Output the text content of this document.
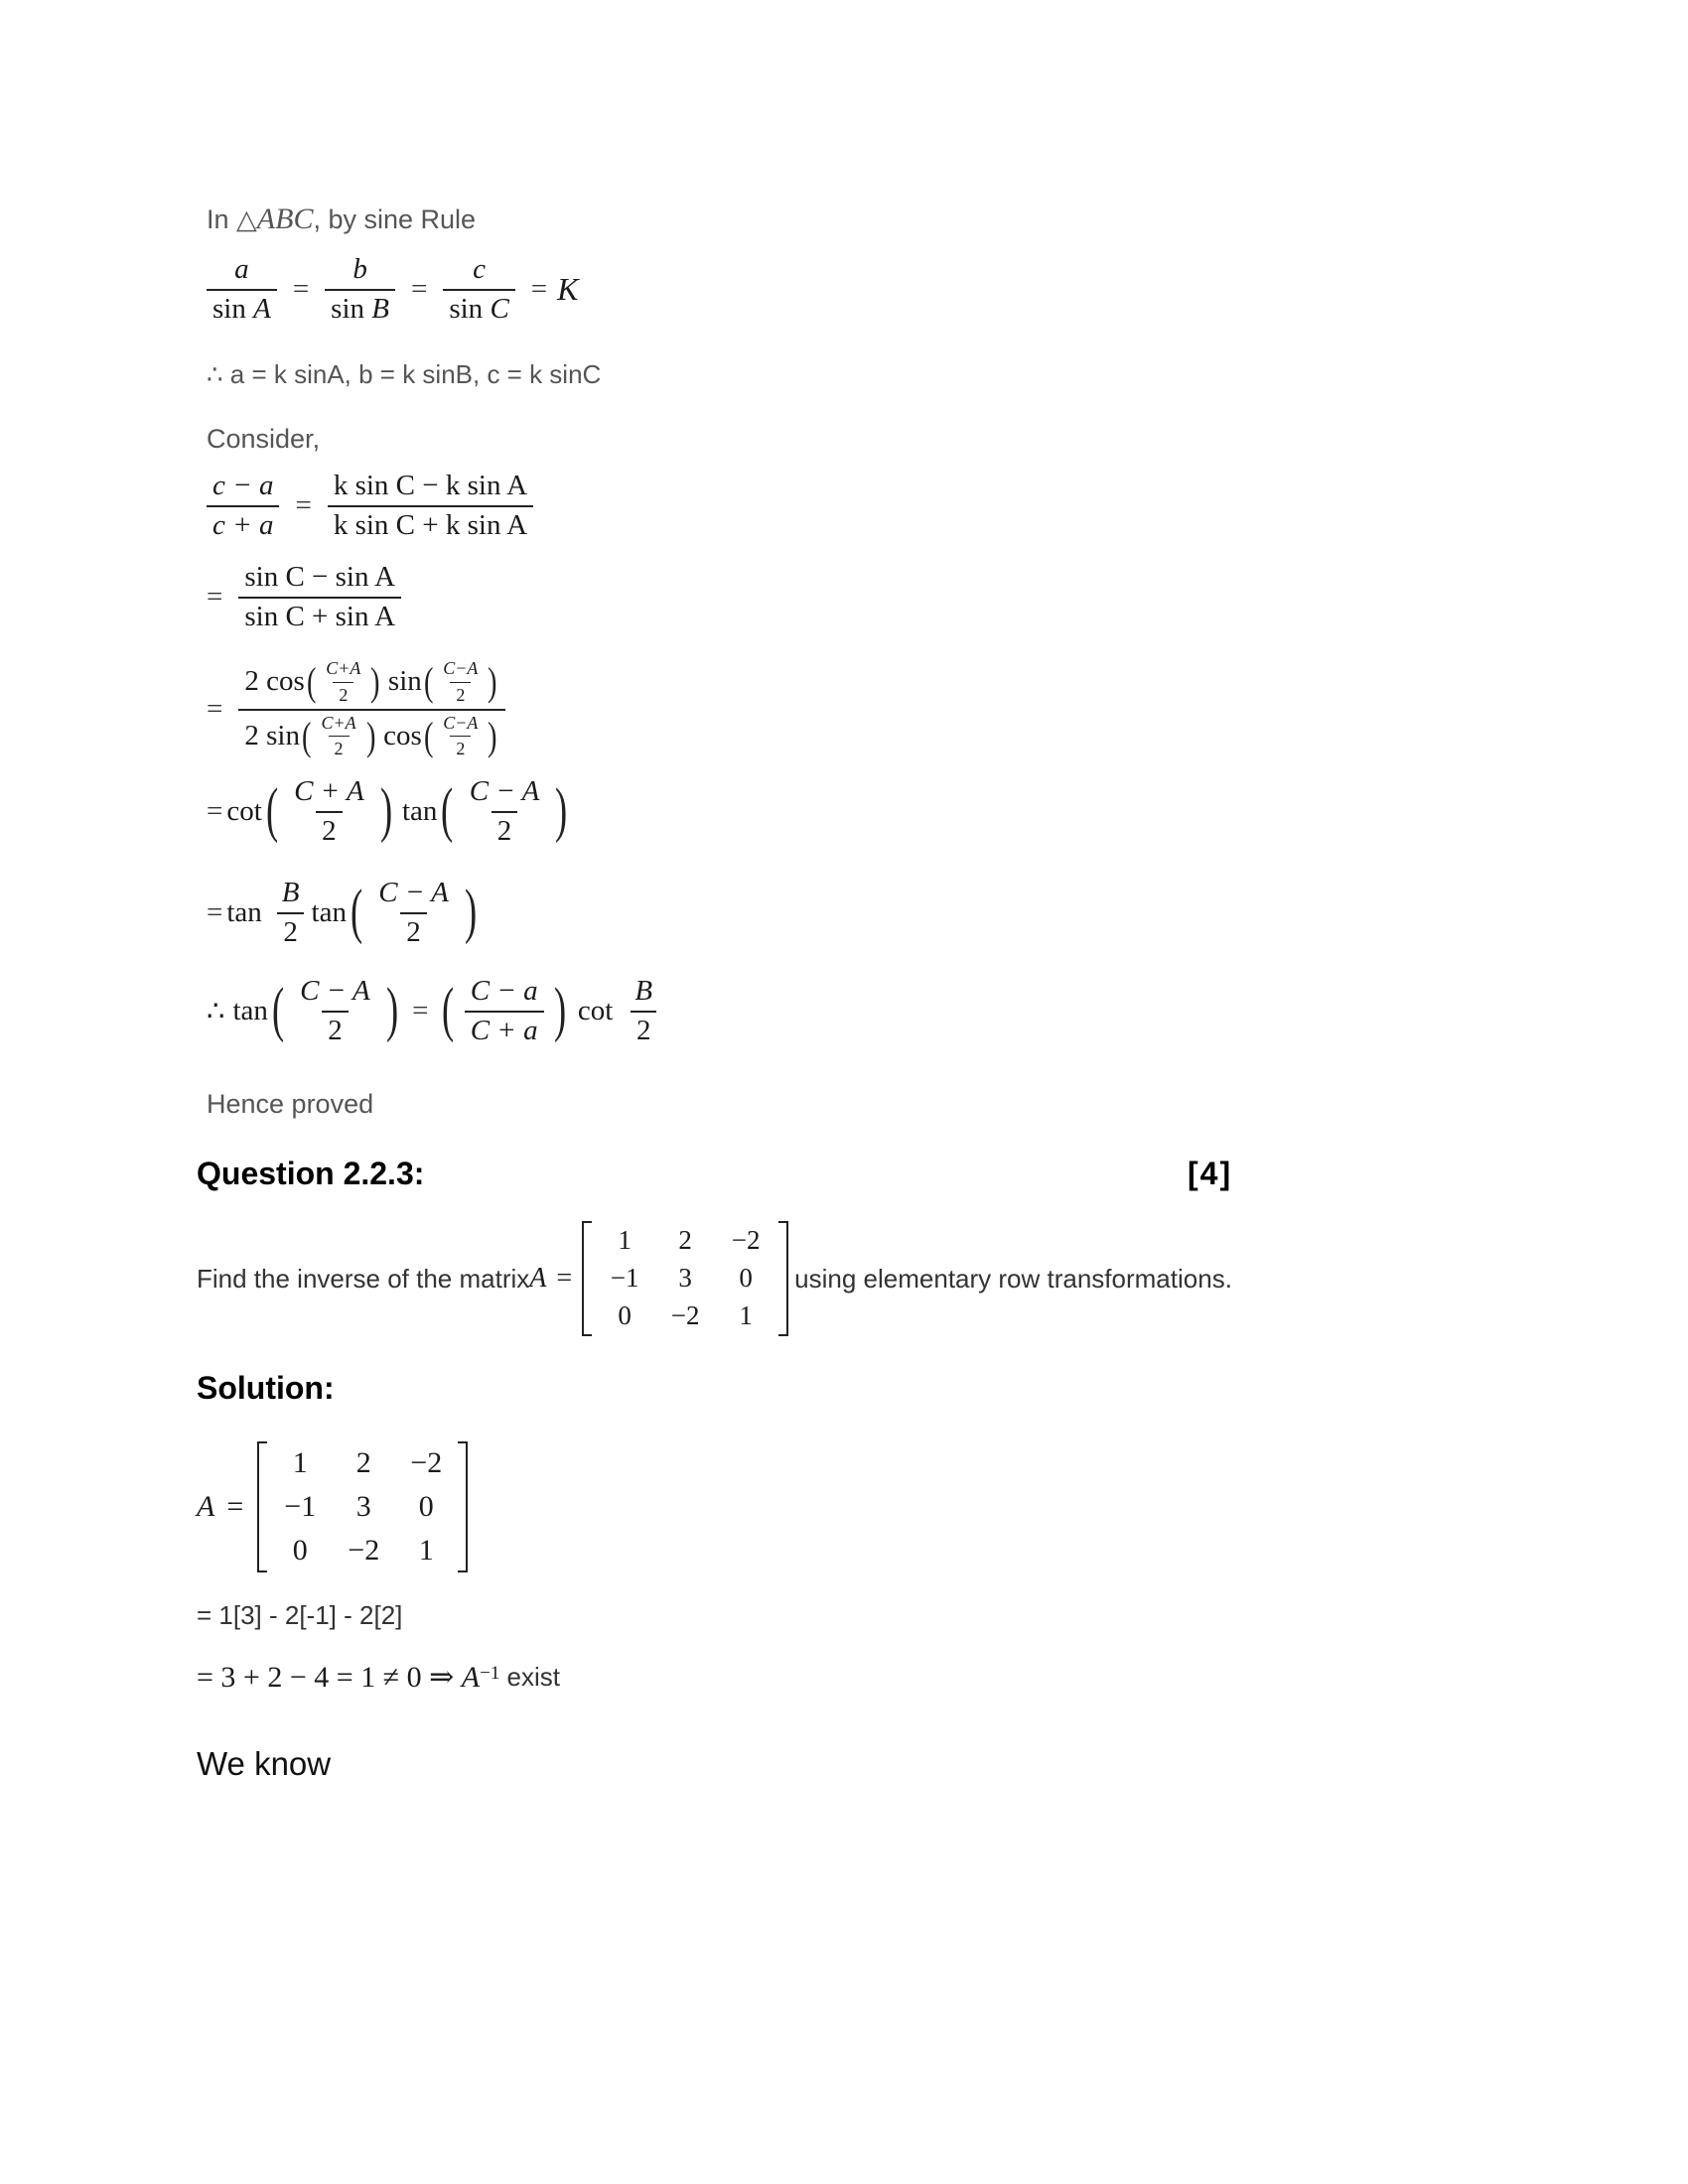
In △ABC, by sine Rule
$\frac{a}{\text{sin A}} = \frac{b}{\text{sin B}} = \frac{c}{\text{sin C}} = K$
∴ a = k sinA, b = k sinB, c = k sinC
Consider,
$\frac{c - a}{c + a} = \frac{\text{k sin C − k sin A}}{\text{k sin C + k sin A}}$
= $\frac{\text{sin C − sin A}}{\text{sin C + sin A}}$
= $\frac{2 \cos ( \frac{C+A}{2} ) \sin ( \frac{C-A}{2} )}{2 \sin ( \frac{C+A}{2} ) \cos ( \frac{C-A}{2} )}$
= cot ( $\frac{C + A}{2}$ ) tan ( $\frac{C - A}{2}$ )
= $\tan \frac{B}{2}$ tan ( $\frac{C - A}{2}$ )
∴ tan ( $\frac{C - A}{2}$ ) = ( $\frac{C - a}{C + a}$ ) $\cot \frac{B}{2}$
Hence proved
Question 2.2.3:	[4]
Find the inverse of the matrix A =
1	2	−2
−1	3	0
0	−2	1
using elementary row transformations.
Solution:
A =
1	2	−2
−1	3	0
0	−2	1
= 1[3] - 2[-1] - 2[2]
= 3 + 2 − 4 = 1 ≠ 0 ⇒ $A^{-1}$ exist
We know
